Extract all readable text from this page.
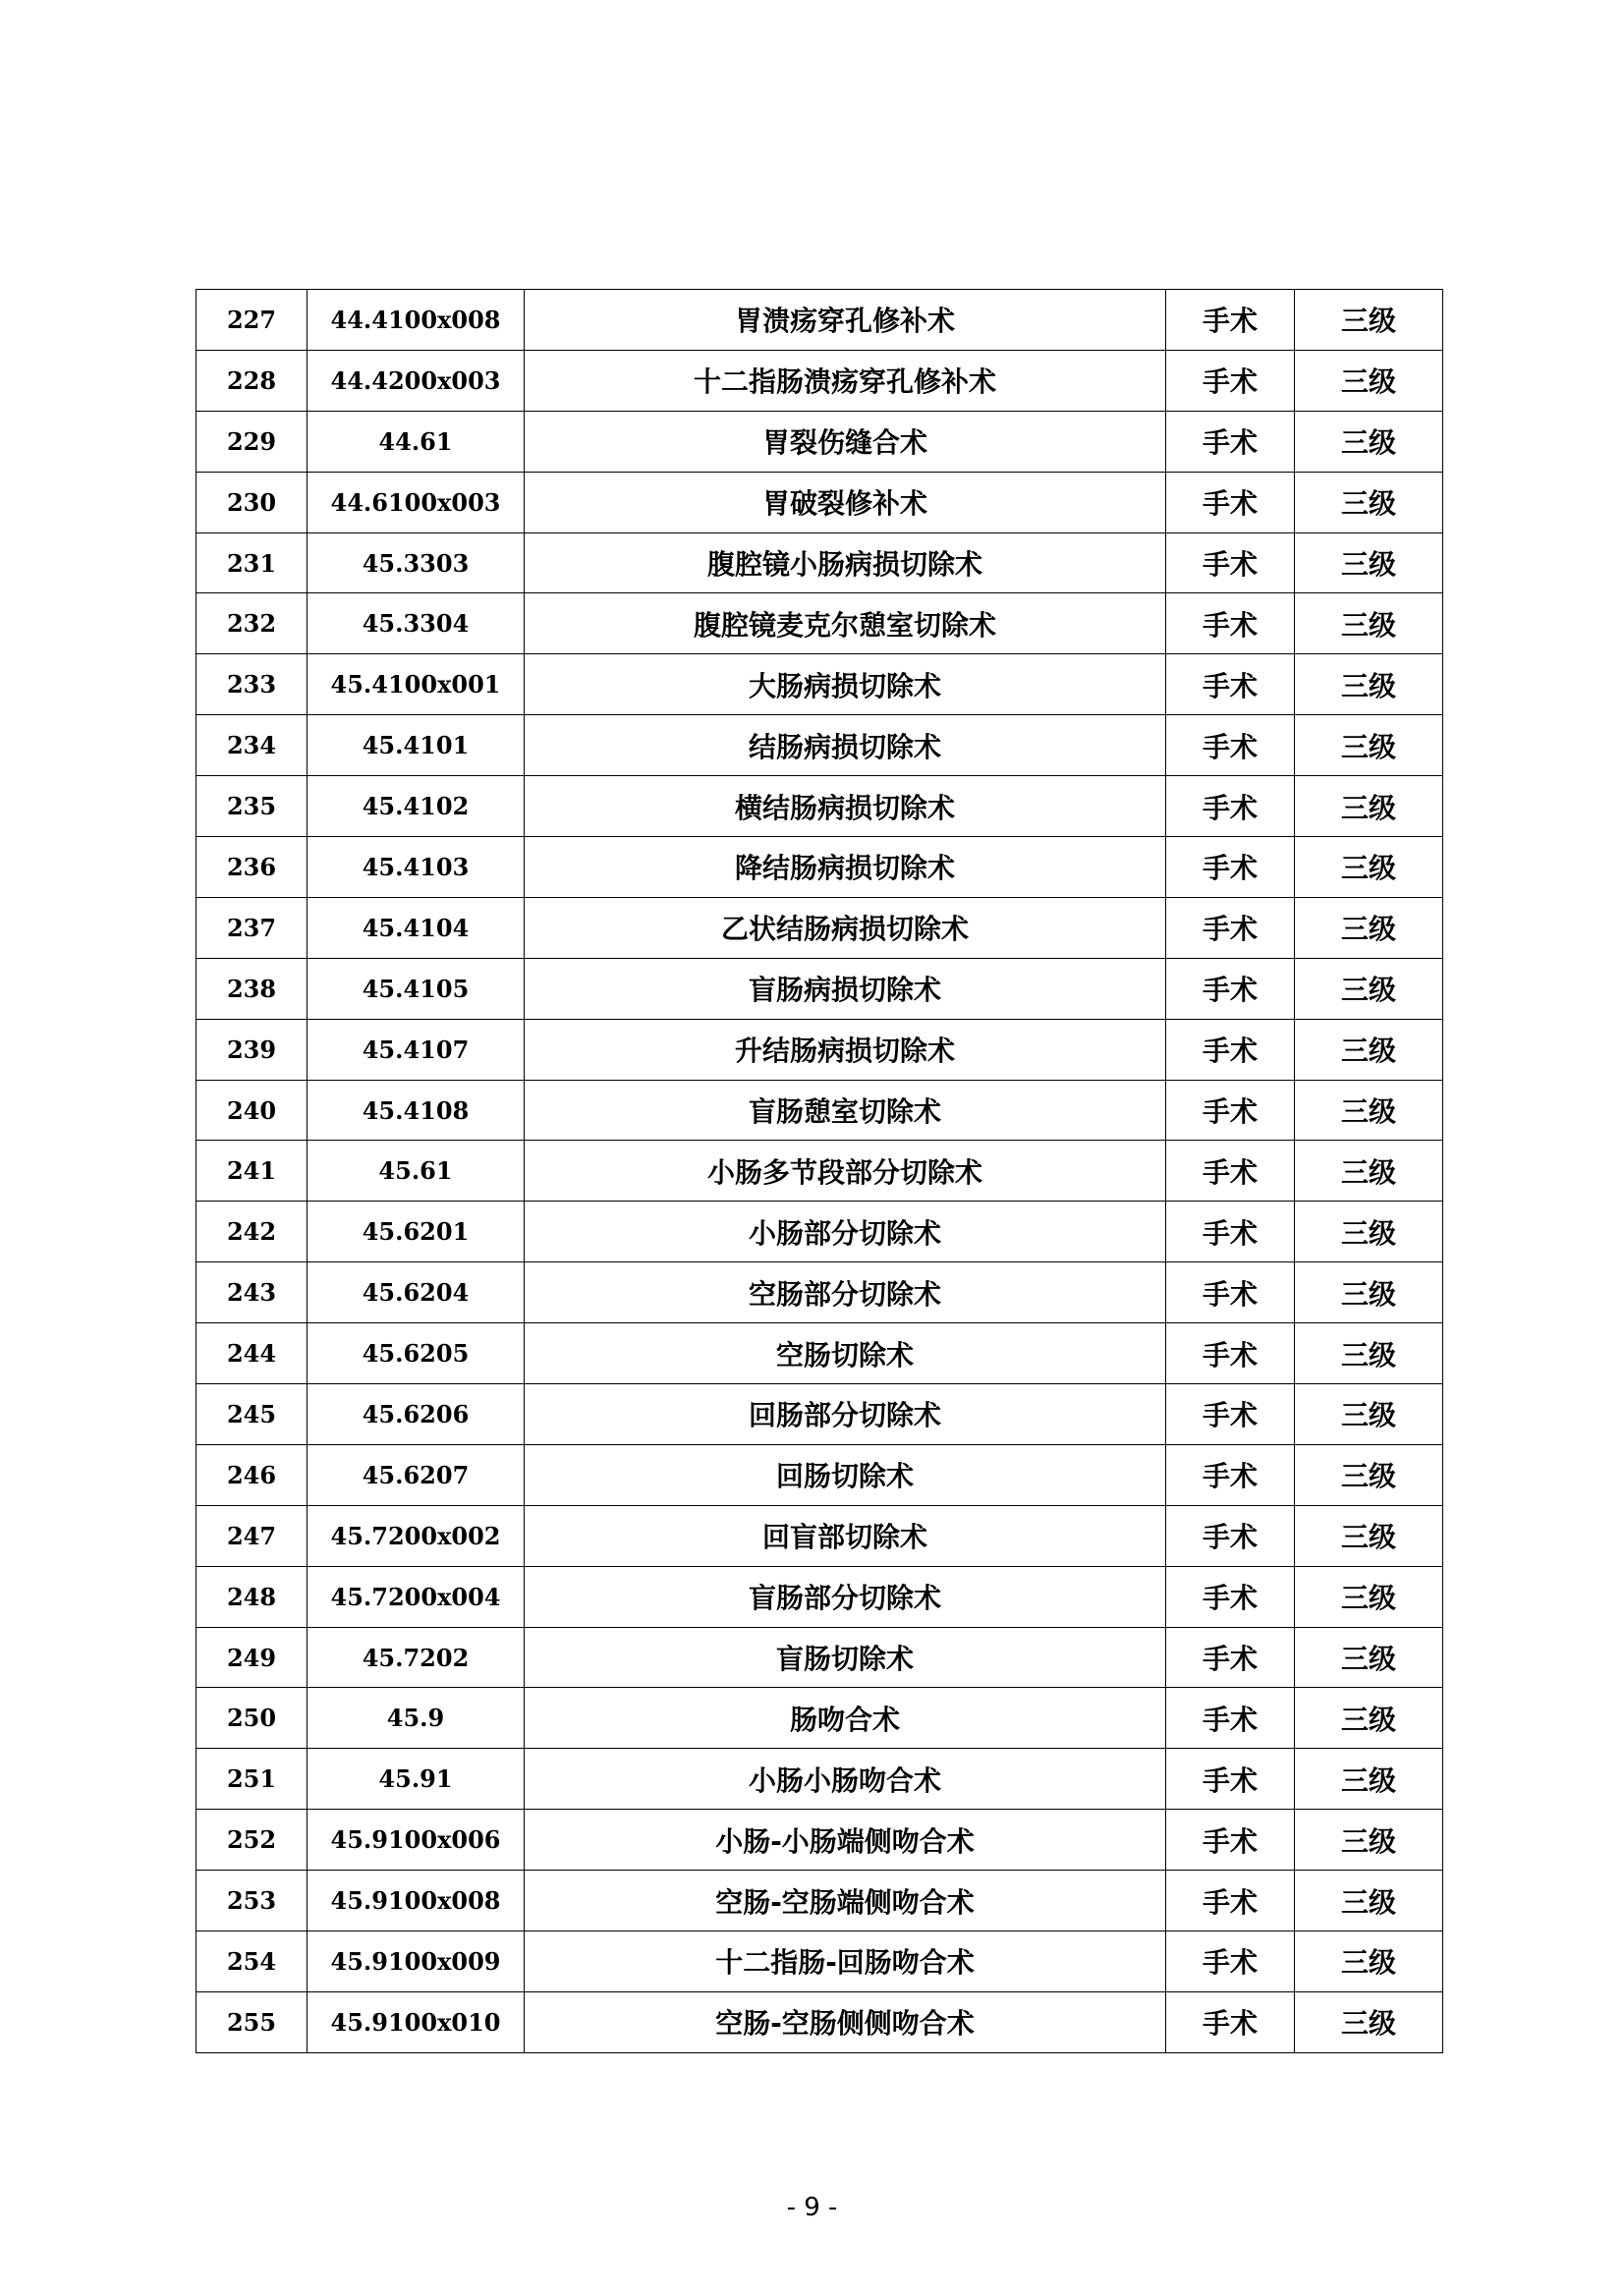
227	44.4100x008	胃溃疡穿孔修补术	手术	三级
228	44.4200x003	十二指肠溃疡穿孔修补术	手术	三级
229	44.61	胃裂伤缝合术	手术	三级
230	44.6100x003	胃破裂修补术	手术	三级
231	45.3303	腹腔镜小肠病损切除术	手术	三级
232	45.3304	腹腔镜麦克尔憩室切除术	手术	三级
233	45.4100x001	大肠病损切除术	手术	三级
234	45.4101	结肠病损切除术	手术	三级
235	45.4102	横结肠病损切除术	手术	三级
236	45.4103	降结肠病损切除术	手术	三级
237	45.4104	乙状结肠病损切除术	手术	三级
238	45.4105	盲肠病损切除术	手术	三级
239	45.4107	升结肠病损切除术	手术	三级
240	45.4108	盲肠憩室切除术	手术	三级
241	45.61	小肠多节段部分切除术	手术	三级
242	45.6201	小肠部分切除术	手术	三级
243	45.6204	空肠部分切除术	手术	三级
244	45.6205	空肠切除术	手术	三级
245	45.6206	回肠部分切除术	手术	三级
246	45.6207	回肠切除术	手术	三级
247	45.7200x002	回盲部切除术	手术	三级
248	45.7200x004	盲肠部分切除术	手术	三级
249	45.7202	盲肠切除术	手术	三级
250	45.9	肠吻合术	手术	三级
251	45.91	小肠小肠吻合术	手术	三级
252	45.9100x006	小肠-小肠端侧吻合术	手术	三级
253	45.9100x008	空肠-空肠端侧吻合术	手术	三级
254	45.9100x009	十二指肠-回肠吻合术	手术	三级
255	45.9100x010	空肠-空肠侧侧吻合术	手术	三级
- 9 -
